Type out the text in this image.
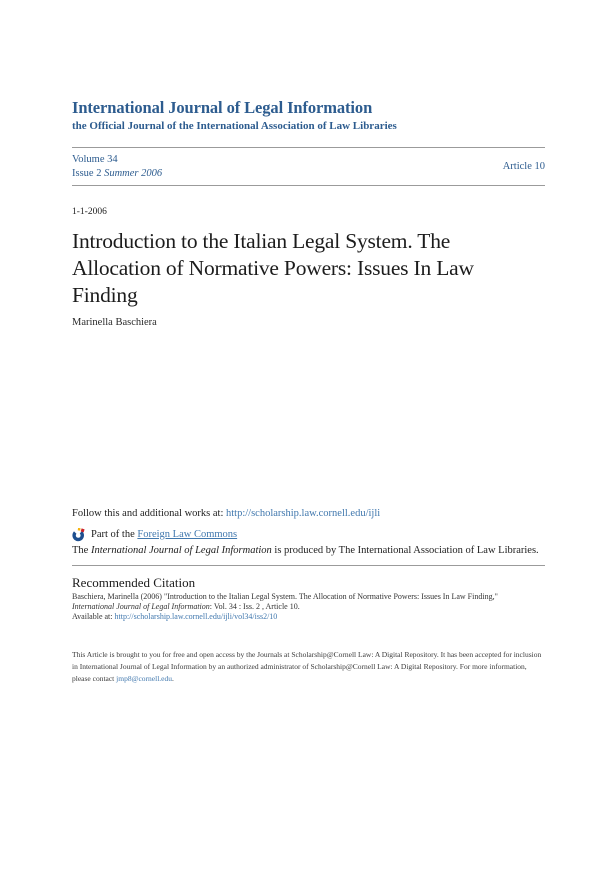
International Journal of Legal Information
the Official Journal of the International Association of Law Libraries
Volume 34
Issue 2 Summer 2006
Article 10
1-1-2006
Introduction to the Italian Legal System. The
Allocation of Normative Powers: Issues In Law
Finding
Marinella Baschiera
Follow this and additional works at: http://scholarship.law.cornell.edu/ijli
Part of the Foreign Law Commons
The International Journal of Legal Information is produced by The International Association of Law Libraries.
Recommended Citation
Baschiera, Marinella (2006) "Introduction to the Italian Legal System. The Allocation of Normative Powers: Issues In Law Finding,"
International Journal of Legal Information: Vol. 34 : Iss. 2 , Article 10.
Available at: http://scholarship.law.cornell.edu/ijli/vol34/iss2/10
This Article is brought to you for free and open access by the Journals at Scholarship@Cornell Law: A Digital Repository. It has been accepted for inclusion in International Journal of Legal Information by an authorized administrator of Scholarship@Cornell Law: A Digital Repository. For more information, please contact jmp8@cornell.edu.
